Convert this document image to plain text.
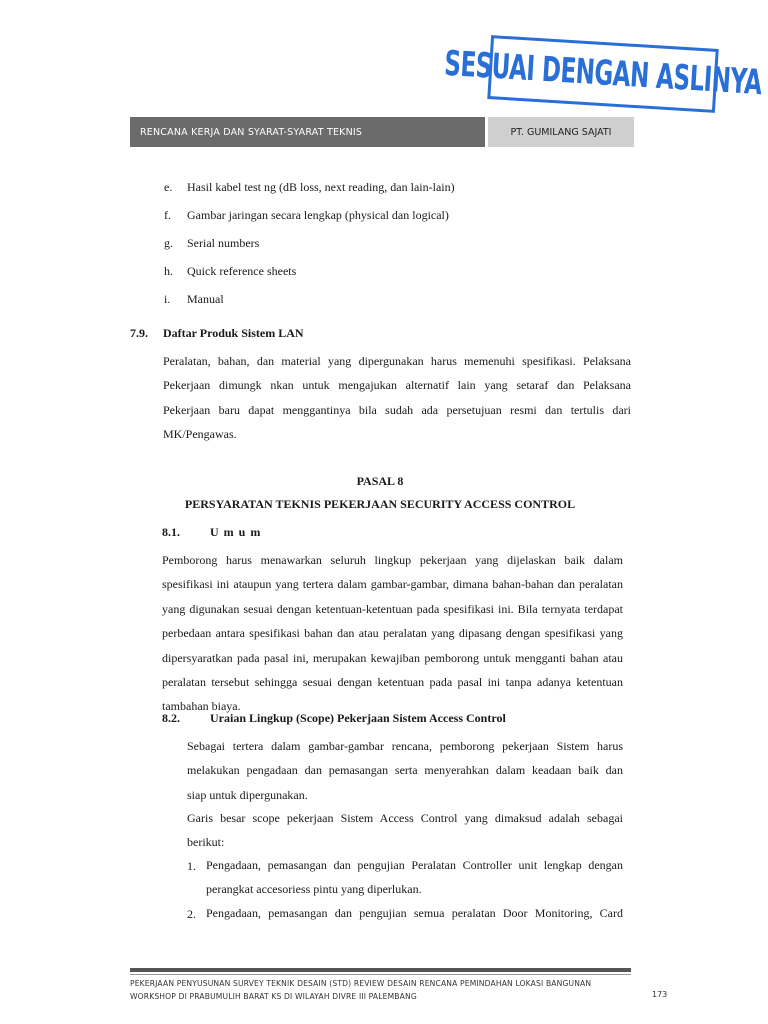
SESUAI DENGAN ASLINYA
RENCANA KERJA DAN SYARAT-SYARAT TEKNIS	PT. GUMILANG SAJATI
e. Hasil kabel test ng (dB loss, next reading, dan lain-lain)
f. Gambar jaringan secara lengkap (physical dan logical)
g. Serial numbers
h. Quick reference sheets
i. Manual
7.9. Daftar Produk Sistem LAN
Peralatan, bahan, dan material yang dipergunakan harus memenuhi spesifikasi. Pelaksana
Pekerjaan dimungk nkan untuk mengajukan alternatif lain yang setaraf dan Pelaksana
Pekerjaan baru dapat menggantinya bila sudah ada persetujuan resmi dan tertulis dari
MK/Pengawas.
PASAL 8
PERSYARATAN TEKNIS PEKERJAAN SECURITY ACCESS CONTROL
8.1.	U m u m
Pemborong harus menawarkan seluruh lingkup pekerjaan yang dijelaskan baik dalam
spesifikasi ini ataupun yang tertera dalam gambar-gambar, dimana bahan-bahan dan peralatan
yang digunakan sesuai dengan ketentuan-ketentuan pada spesifikasi ini. Bila ternyata terdapat
perbedaan antara spesifikasi bahan dan atau peralatan yang dipasang dengan spesifikasi yang
dipersyaratkan pada pasal ini, merupakan kewajiban pemborong untuk mengganti bahan atau
peralatan tersebut sehingga sesuai dengan ketentuan pada pasal ini tanpa adanya ketentuan
tambahan biaya.
8.2.	Uraian Lingkup (Scope) Pekerjaan Sistem Access Control
Sebagai tertera dalam gambar-gambar rencana, pemborong pekerjaan Sistem harus
melakukan pengadaan dan pemasangan serta menyerahkan dalam keadaan baik dan
siap untuk dipergunakan.
Garis besar scope pekerjaan Sistem Access Control yang dimaksud adalah sebagai
berikut:
1. Pengadaan, pemasangan dan pengujian Peralatan Controller unit lengkap dengan
perangkat accesoriess pintu yang diperlukan.
2. Pengadaan, pemasangan dan pengujian semua peralatan Door Monitoring, Card
PEKERJAAN PENYUSUNAN SURVEY TEKNIK DESAIN (STD) REVIEW DESAIN RENCANA PEMINDAHAN LOKASI BANGUNAN
WORKSHOP DI PRABUMULIH BARAT KS DI WILAYAH DIVRE III PALEMBANG	173
